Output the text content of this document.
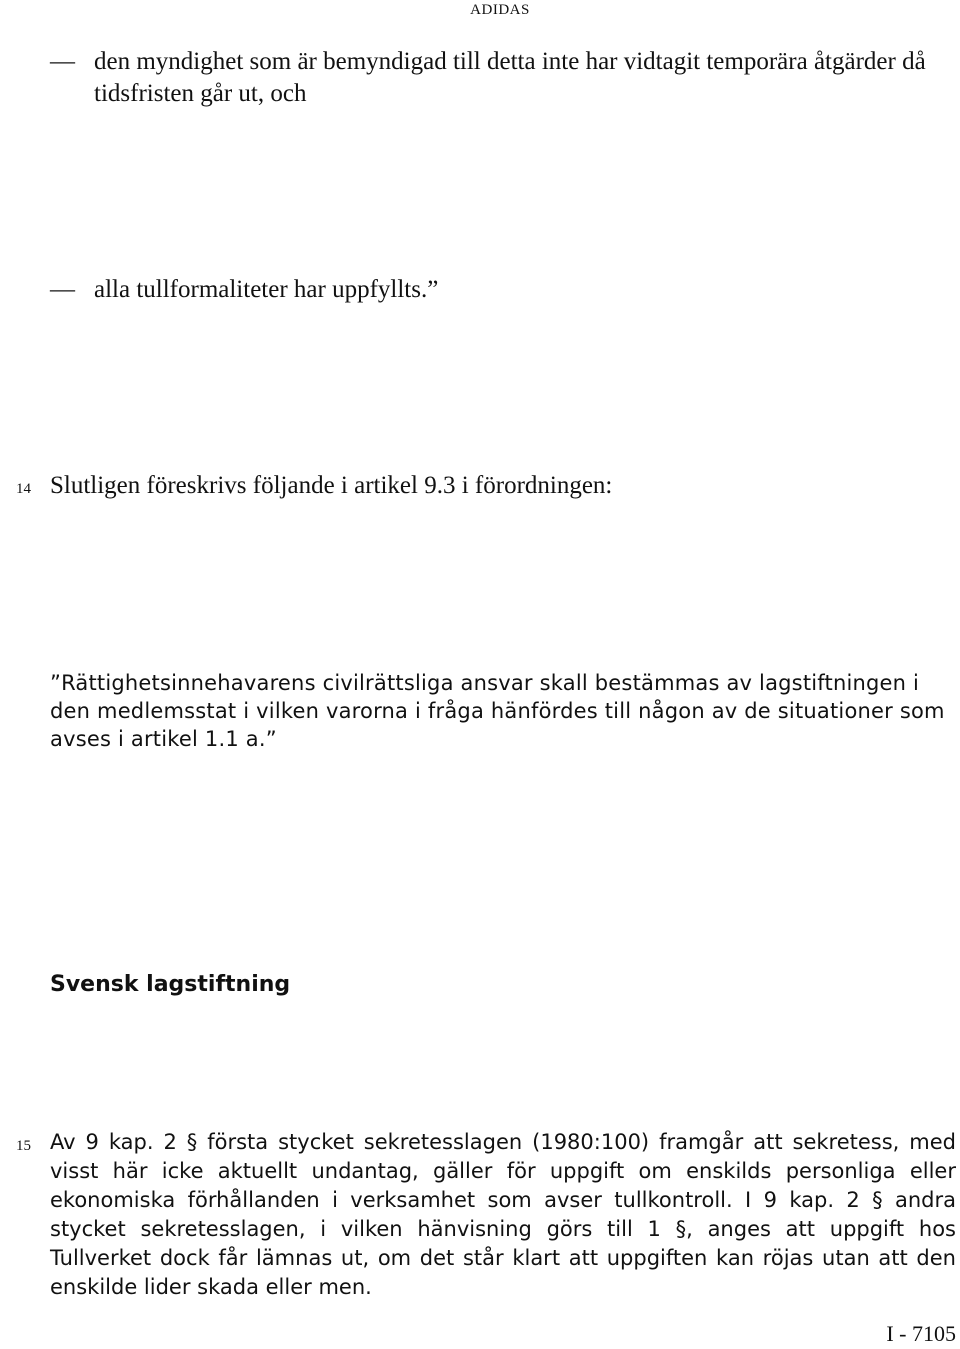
ADIDAS
— den myndighet som är bemyndigad till detta inte har vidtagit temporära åtgärder då tidsfristen går ut, och
— alla tullformaliteter har uppfyllts.”
14 Slutligen föreskrivs följande i artikel 9.3 i förordningen:
”Rättighetsinnehavarens civilrättsliga ansvar skall bestämmas av lagstiftningen i den medlemsstat i vilken varorna i fråga hänfördes till någon av de situationer som avses i artikel 1.1 a.”
Svensk lagstiftning
15 Av 9 kap. 2 § första stycket sekretesslagen (1980:100) framgår att sekretess, med visst här icke aktuellt undantag, gäller för uppgift om enskilds personliga eller ekonomiska förhållanden i verksamhet som avser tullkontroll. I 9 kap. 2 § andra stycket sekretesslagen, i vilken hänvisning görs till 1 §, anges att uppgift hos Tullverket dock får lämnas ut, om det står klart att uppgiften kan röjas utan att den enskilde lider skada eller men.
I - 7105
